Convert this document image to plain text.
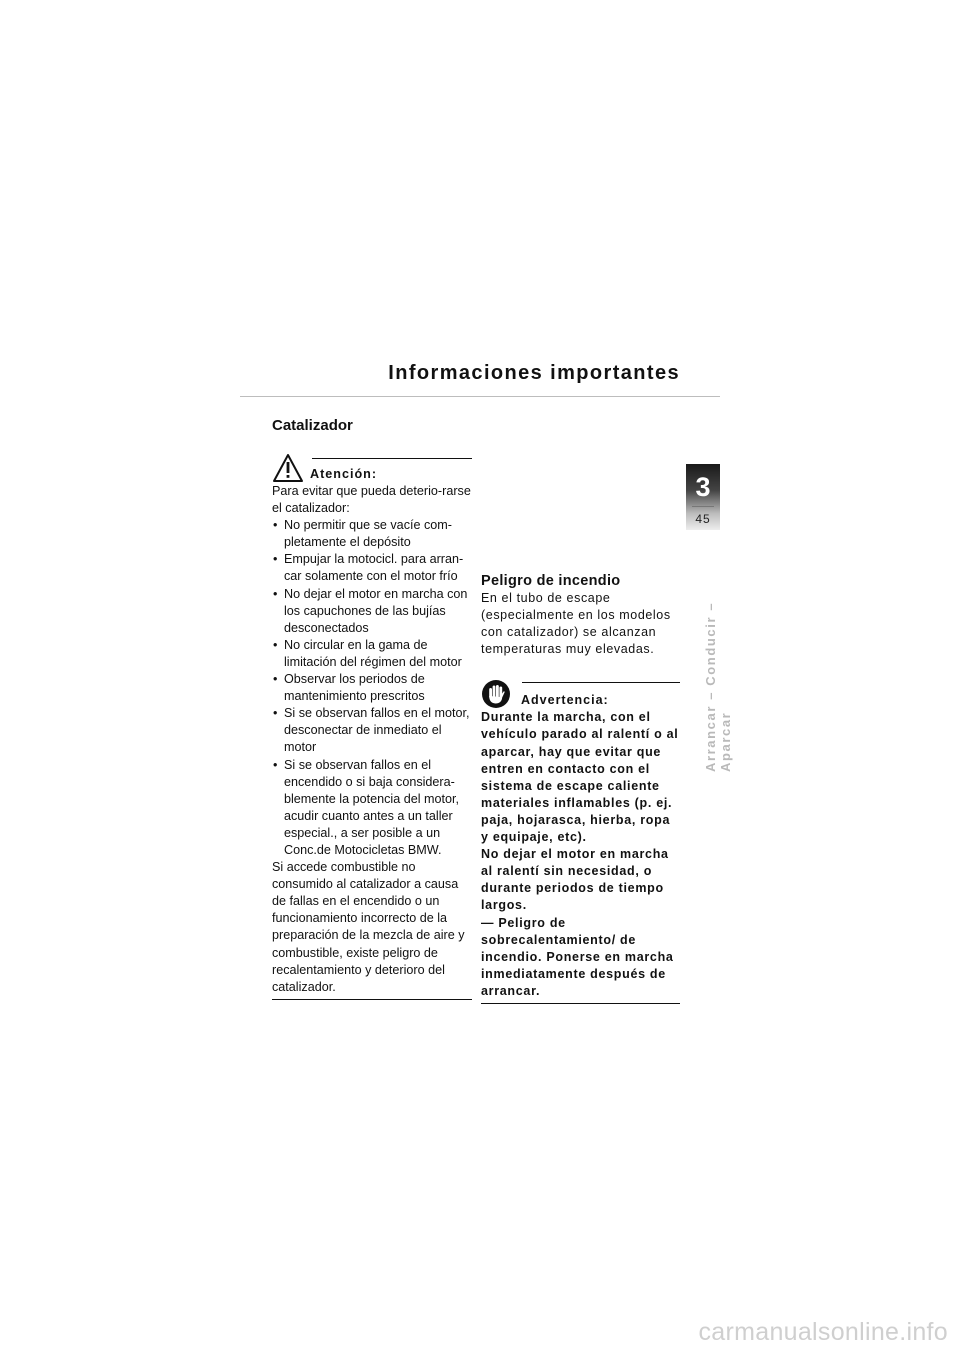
Informaciones importantes
Catalizador
Atención:
Para evitar que pueda deterio-rarse el catalizador:
• No permitir que se vacíe com-pletamente el depósito
• Empujar la motocicl. para arran-car solamente con el motor frío
• No dejar el motor en marcha con los capuchones de las bujías desconectados
• No circular en la gama de limitación del régimen del motor
• Observar los periodos de mantenimiento prescritos
• Si se observan fallos en el motor, desconectar de inmediato el motor
• Si se observan fallos en el encendido o si baja considera-blemente la potencia del motor, acudir cuanto antes a un taller especial., a ser posible a un Conc.de Motocicletas BMW.
Si accede combustible no consumido al catalizador a causa de fallas en el encendido o un funcionamiento incorrecto de la preparación de la mezcla de aire y combustible, existe peligro de recalentamiento y deterioro del catalizador.
Peligro de incendio
En el tubo de escape (especialmente en los modelos con catalizador) se alcanzan temperaturas muy elevadas.
Advertencia:
Durante la marcha, con el vehículo parado al ralentí o al aparcar, hay que evitar que entren en contacto con el sistema de escape caliente materiales inflamables (p. ej. paja, hojarasca, hierba, ropa y equipaje, etc).
No dejar el motor en marcha al ralentí sin necesidad, o durante periodos de tiempo largos.
— Peligro de sobrecalentamiento/ de incendio. Ponerse en marcha inmediatamente después de arrancar.
3
45
Arrancar – Conducir – Aparcar
carmanualsonline.info
